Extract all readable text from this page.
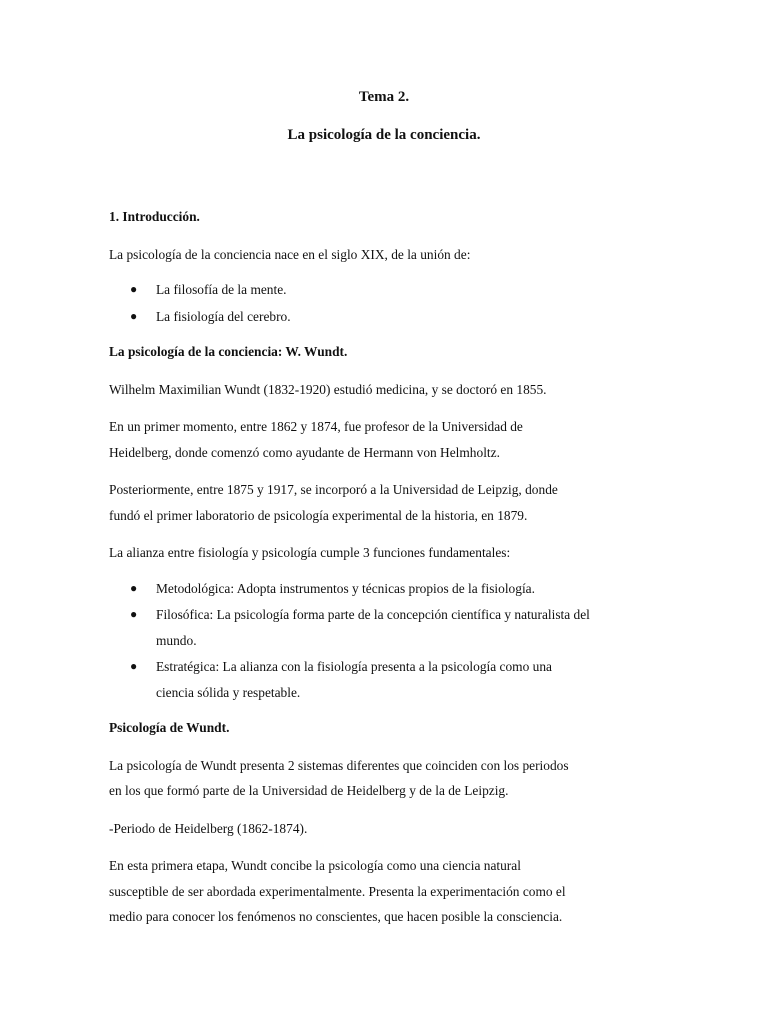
Tema 2.

La psicología de la conciencia.

1. Introducción.

La psicología de la conciencia nace en el siglo XIX, de la unión de:

● La filosofía de la mente.
● La fisiología del cerebro.
La psicología de la conciencia: W. Wundt.

Wilhelm Maximilian Wundt (1832-1920) estudió medicina, y se doctoró en 1855.

En un primer momento, entre 1862 y 1874, fue profesor de la Universidad de
Heidelberg, donde comenzó como ayudante de Hermann von Helmholtz.

Posteriormente, entre 1875 y 1917, se incorporó a la Universidad de Leipzig, donde
fundó el primer laboratorio de psicología experimental de la historia, en 1879.

La alianza entre fisiología y psicología cumple 3 funciones fundamentales:

● Metodológica: Adopta instrumentos y técnicas propios de la fisiología.
● Filosófica: La psicología forma parte de la concepción científica y naturalista del
mundo.
● Estratégica: La alianza con la fisiología presenta a la psicología como una
ciencia sólida y respetable.
Psicología de Wundt.

La psicología de Wundt presenta 2 sistemas diferentes que coinciden con los periodos
en los que formó parte de la Universidad de Heidelberg y de la de Leipzig.

-Periodo de Heidelberg (1862-1874).

En esta primera etapa, Wundt concibe la psicología como una ciencia natural
susceptible de ser abordada experimentalmente. Presenta la experimentación como el
medio para conocer los fenómenos no conscientes, que hacen posible la consciencia.
